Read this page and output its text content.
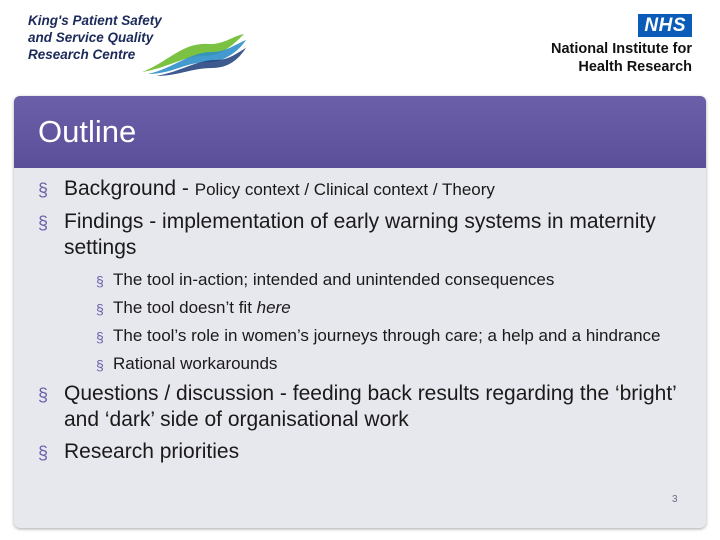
King's Patient Safety
and Service Quality
Research Centre
NHS
National Institute for
Health Research
Outline
§ Background - Policy context / Clinical context / Theory
§ Findings - implementation of early warning systems in maternity settings
§ The tool in-action; intended and unintended consequences
§ The tool doesn’t fit here
§ The tool’s role in women’s journeys through care; a help and a hindrance
§ Rational workarounds
§ Questions / discussion - feeding back results regarding the ‘bright’ and ‘dark’ side of organisational work
§ Research priorities
3
